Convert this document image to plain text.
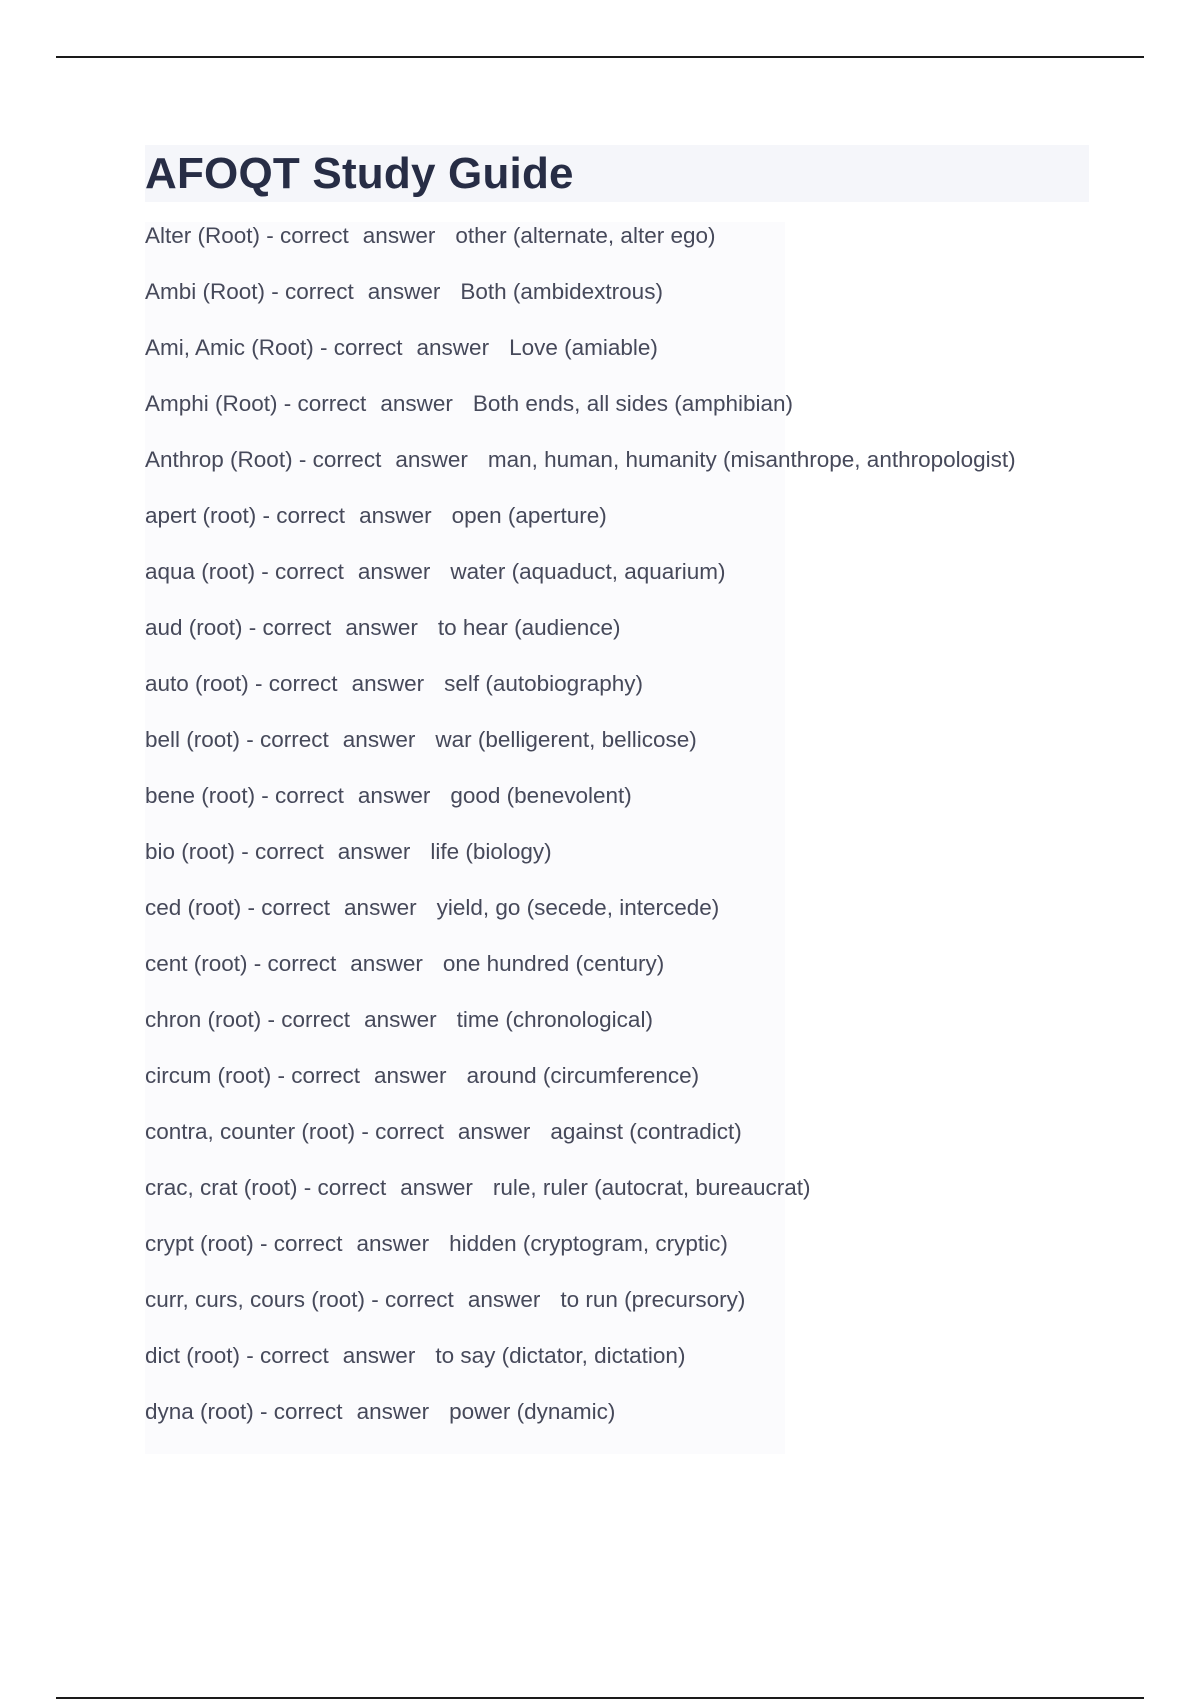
AFOQT Study Guide
Alter (Root) - correct answer other (alternate, alter ego)
Ambi (Root) - correct answer Both (ambidextrous)
Ami, Amic (Root) - correct answer Love (amiable)
Amphi (Root) - correct answer Both ends, all sides (amphibian)
Anthrop (Root) - correct answer man, human, humanity (misanthrope, anthropologist)
apert (root) - correct answer open (aperture)
aqua (root) - correct answer water (aquaduct, aquarium)
aud (root) - correct answer to hear (audience)
auto (root) - correct answer self (autobiography)
bell (root) - correct answer war (belligerent, bellicose)
bene (root) - correct answer good (benevolent)
bio (root) - correct answer life (biology)
ced (root) - correct answer yield, go (secede, intercede)
cent (root) - correct answer one hundred (century)
chron (root) - correct answer time (chronological)
circum (root) - correct answer around (circumference)
contra, counter (root) - correct answer against (contradict)
crac, crat (root) - correct answer rule, ruler (autocrat, bureaucrat)
crypt (root) - correct answer hidden (cryptogram, cryptic)
curr, curs, cours (root) - correct answer to run (precursory)
dict (root) - correct answer to say (dictator, dictation)
dyna (root) - correct answer power (dynamic)
